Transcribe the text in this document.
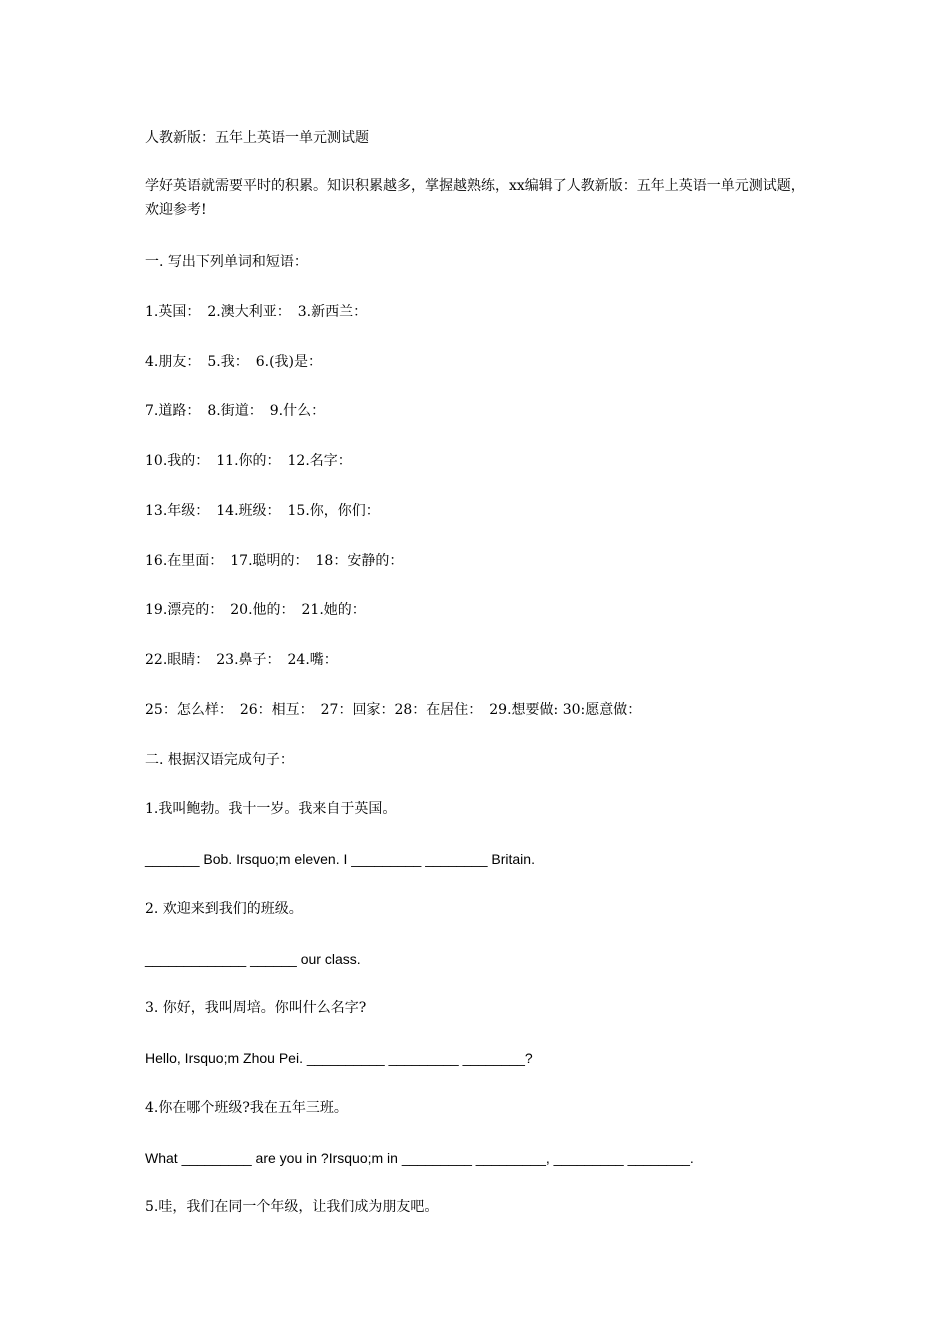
人教新版：五年上英语一单元测试题
学好英语就需要平时的积累。知识积累越多，掌握越熟练，xx编辑了人教新版：五年上英语一单元测试题，欢迎参考!
一. 写出下列单词和短语：
1.英国：　2.澳大利亚：　3.新西兰：
4.朋友：　5.我：　6.(我)是：
7.道路：　8.街道：　9.什么：
10.我的：　11.你的：　12.名字：
13.年级：　14.班级：　15.你，你们：
16.在里面：　17.聪明的：　18：安静的：
19.漂亮的：　20.他的：　21.她的：
22.眼睛：　23.鼻子：　24.嘴：
25：怎么样：　26：相互：　27：回家：28：在居住：　29.想要做: 30:愿意做：
二. 根据汉语完成句子：
1.我叫鲍勃。我十一岁。我来自于英国。
_______ Bob. Irsquo;m eleven. I _________ ________ Britain.
2. 欢迎来到我们的班级。
_____________ ______ our class.
3. 你好，我叫周培。你叫什么名字?
Hello, Irsquo;m Zhou Pei. __________ _________ ________?
4.你在哪个班级?我在五年三班。
What _________ are you in ?Irsquo;m in _________ _________, _________ ________.
5.哇，我们在同一个年级，让我们成为朋友吧。
